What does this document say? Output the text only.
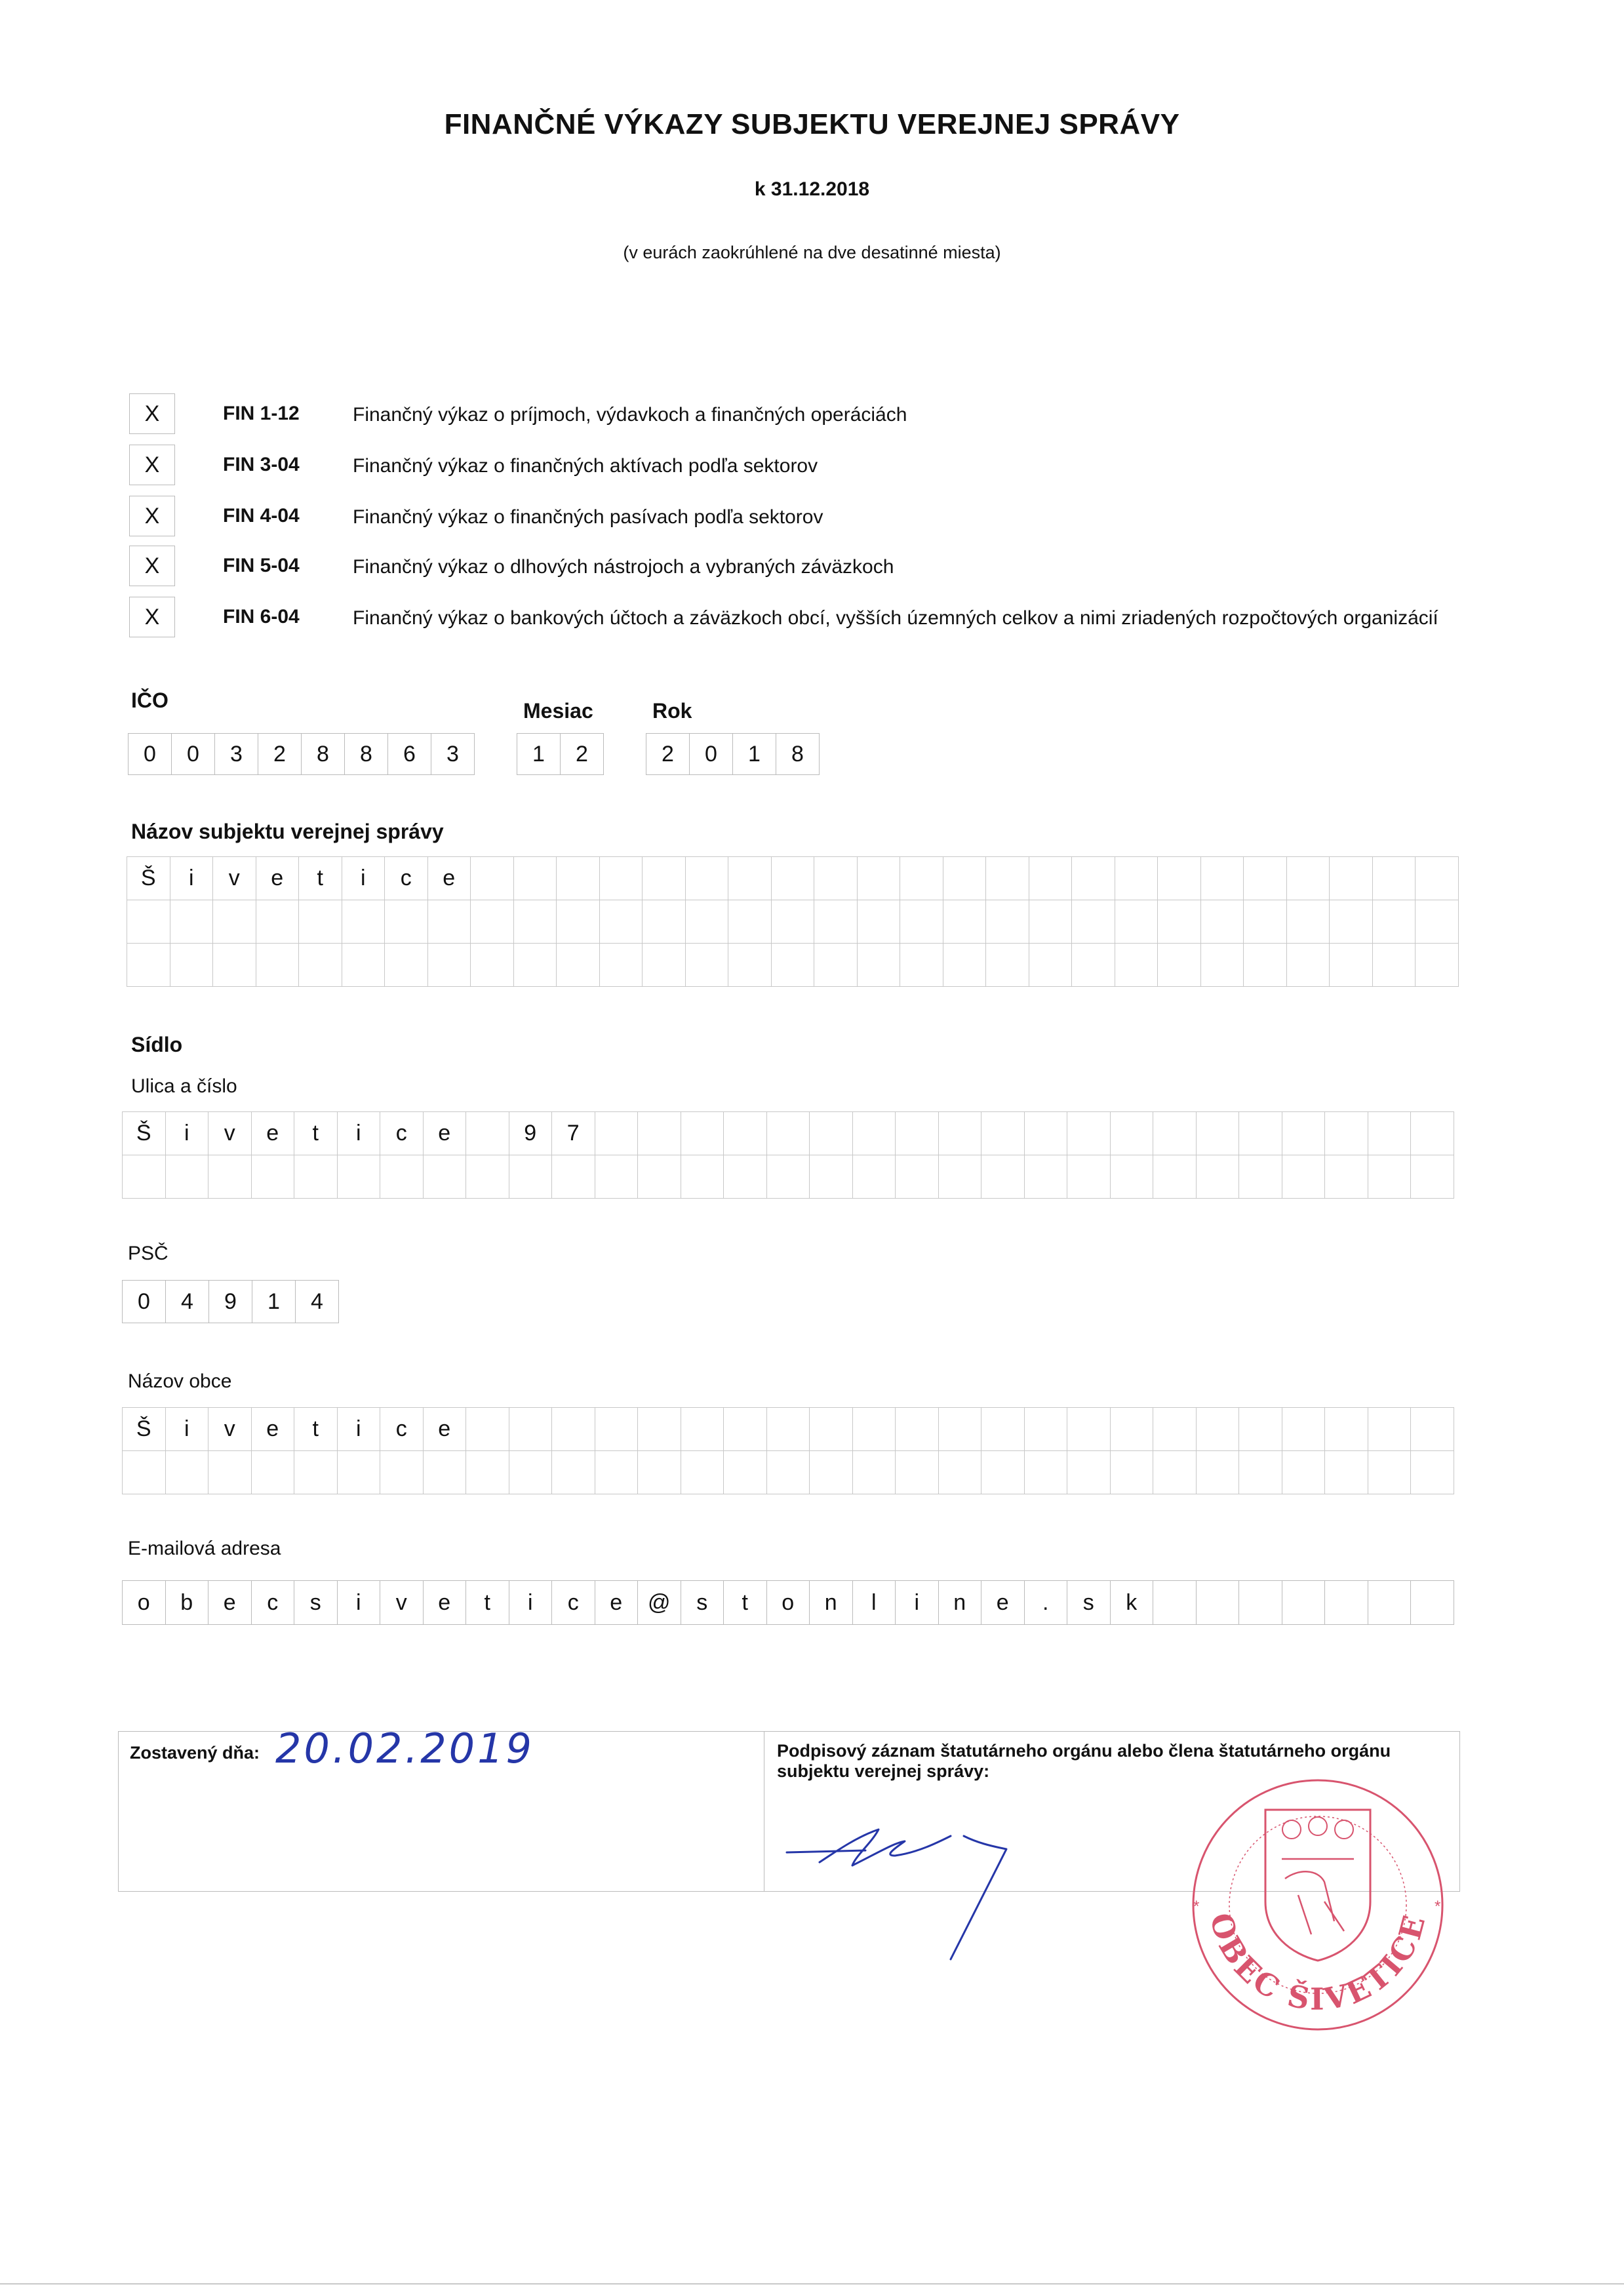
FINANČNÉ VÝKAZY SUBJEKTU VEREJNEJ SPRÁVY
k 31.12.2018
(v eurách zaokrúhlené na dve desatinné miesta)
X	FIN 1-12	Finančný výkaz o príjmoch, výdavkoch a finančných operáciách
X	FIN 3-04	Finančný výkaz o finančných aktívach podľa sektorov
X	FIN 4-04	Finančný výkaz o finančných pasívach podľa sektorov
X	FIN 5-04	Finančný výkaz o dlhových nástrojoch a vybraných záväzkoch
X	FIN 6-04	Finančný výkaz o bankových účtoch a záväzkoch obcí, vyšších územných celkov a nimi zriadených rozpočtových organizácií
IČO
0	0	3	2	8	8	6	3
Mesiac
1	2
Rok
2	0	1	8
Názov subjektu verejnej správy
Š	i	v	e	t	i	c	e
Sídlo
Ulica a číslo
Š	i	v	e	t	i	c	e	9	7
PSČ
0	4	9	1	4
Názov obce
Š	i	v	e	t	i	c	e
E-mailová adresa
o	b	e	c	s	i	v	e	t	i	c	e	@	s	t	o	n	l	i	n	e	.	s	k
Zostavený dňa: 20.02.2019	Podpisový záznam štatutárneho orgánu alebo člena štatutárneho orgánu subjektu verejnej správy:
OBEC ŠIVETICE
*	*
